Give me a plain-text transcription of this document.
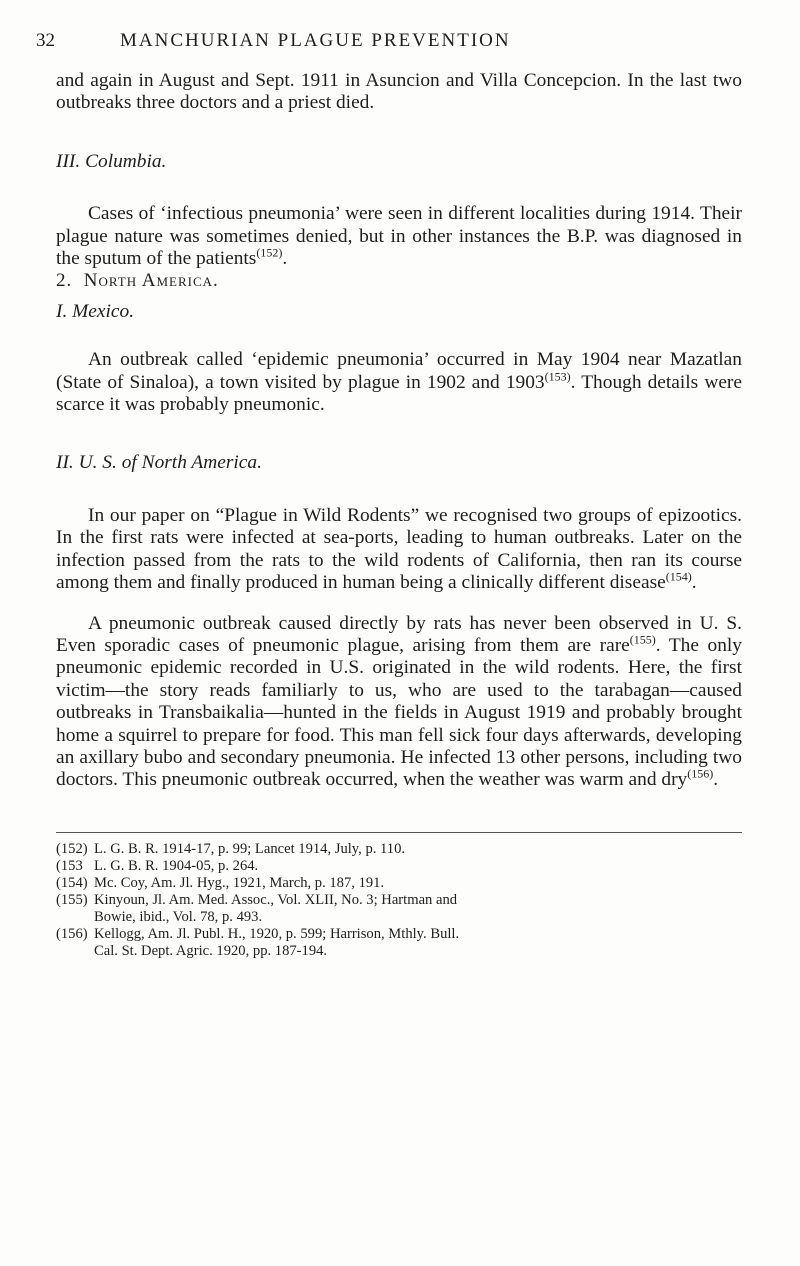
32	MANCHURIAN PLAGUE PREVENTION

and again in August and Sept. 1911 in Asuncion and Villa Concepcion. In the last two outbreaks three doctors and a priest died.

III. Columbia.

Cases of ‘infectious pneumonia’ were seen in different localities during 1914. Their plague nature was sometimes denied, but in other instances the B.P. was diagnosed in the sputum of the patients$^{(152)}$.

2. North America.

I. Mexico.

An outbreak called ‘epidemic pneumonia’ occurred in May 1904 near Mazatlan (State of Sinaloa), a town visited by plague in 1902 and 1903$^{(153)}$. Though details were scarce it was probably pneumonic.

II. U. S. of North America.

In our paper on “Plague in Wild Rodents” we recognised two groups of epizootics. In the first rats were infected at sea-ports, leading to human outbreaks. Later on the infection passed from the rats to the wild rodents of California, then ran its course among them and finally produced in human being a clinically different disease$^{(154)}$.

A pneumonic outbreak caused directly by rats has never been observed in U. S. Even sporadic cases of pneumonic plague, arising from them are rare$^{(155)}$. The only pneumonic epidemic recorded in U.S. originated in the wild rodents. Here, the first victim—the story reads familiarly to us, who are used to the tarabagan—caused outbreaks in Transbaikalia—hunted in the fields in August 1919 and probably brought home a squirrel to prepare for food. This man fell sick four days afterwards, developing an axillary bubo and secondary pneumonia. He infected 13 other persons, including two doctors. This pneumonic outbreak occurred, when the weather was warm and dry$^{(156)}$.

(152) L. G. B. R. 1914-17, p. 99; Lancet 1914, July, p. 110.
(153 L. G. B. R. 1904-05, p. 264.
(154) Mc. Coy, Am. Jl. Hyg., 1921, March, p. 187, 191.
(155) Kinyoun, Jl. Am. Med. Assoc., Vol. XLII, No. 3; Hartman and
Bowie, ibid., Vol. 78, p. 493.
(156) Kellogg, Am. Jl. Publ. H., 1920, p. 599; Harrison, Mthly. Bull.
Cal. St. Dept. Agric. 1920, pp. 187-194.
